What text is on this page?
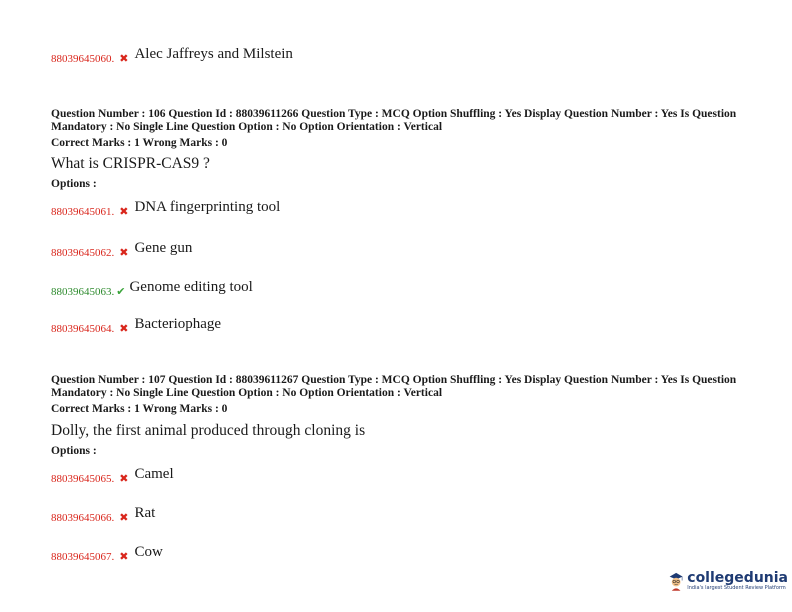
88039645060. ✖ Alec Jaffreys and Milstein
Question Number : 106 Question Id : 88039611266 Question Type : MCQ Option Shuffling : Yes Display Question Number : Yes Is Question Mandatory : No Single Line Question Option : No Option Orientation : Vertical
Correct Marks : 1 Wrong Marks : 0
What is CRISPR-CAS9 ?
Options :
88039645061. ✖ DNA fingerprinting tool
88039645062. ✖ Gene gun
88039645063. ✔ Genome editing tool
88039645064. ✖ Bacteriophage
Question Number : 107 Question Id : 88039611267 Question Type : MCQ Option Shuffling : Yes Display Question Number : Yes Is Question Mandatory : No Single Line Question Option : No Option Orientation : Vertical
Correct Marks : 1 Wrong Marks : 0
Dolly, the first animal produced through cloning is
Options :
88039645065. ✖ Camel
88039645066. ✖ Rat
88039645067. ✖ Cow
collegedunia
India's largest Student Review Platform
